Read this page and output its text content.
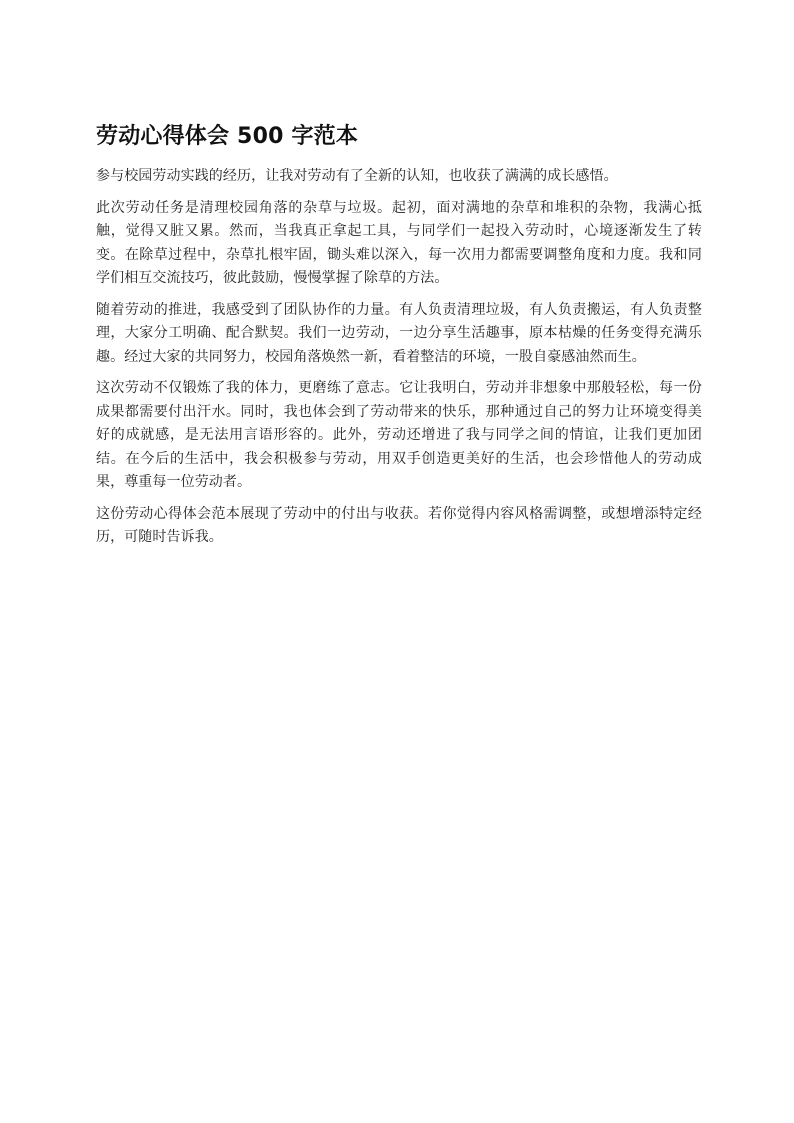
劳动心得体会 500 字范本

参与校园劳动实践的经历，让我对劳动有了全新的认知，也收获了满满的成长感悟。

此次劳动任务是清理校园角落的杂草与垃圾。起初，面对满地的杂草和堆积的杂物，我满心抵触，觉得又脏又累。然而，当我真正拿起工具，与同学们一起投入劳动时，心境逐渐发生了转变。在除草过程中，杂草扎根牢固，锄头难以深入，每一次用力都需要调整角度和力度。我和同学们相互交流技巧，彼此鼓励，慢慢掌握了除草的方法。

随着劳动的推进，我感受到了团队协作的力量。有人负责清理垃圾，有人负责搬运，有人负责整理，大家分工明确、配合默契。我们一边劳动，一边分享生活趣事，原本枯燥的任务变得充满乐趣。经过大家的共同努力，校园角落焕然一新，看着整洁的环境，一股自豪感油然而生。

这次劳动不仅锻炼了我的体力，更磨练了意志。它让我明白，劳动并非想象中那般轻松，每一份成果都需要付出汗水。同时，我也体会到了劳动带来的快乐，那种通过自己的努力让环境变得美好的成就感，是无法用言语形容的。此外，劳动还增进了我与同学之间的情谊，让我们更加团结。在今后的生活中，我会积极参与劳动，用双手创造更美好的生活，也会珍惜他人的劳动成果，尊重每一位劳动者。

这份劳动心得体会范本展现了劳动中的付出与收获。若你觉得内容风格需调整，或想增添特定经历，可随时告诉我。
